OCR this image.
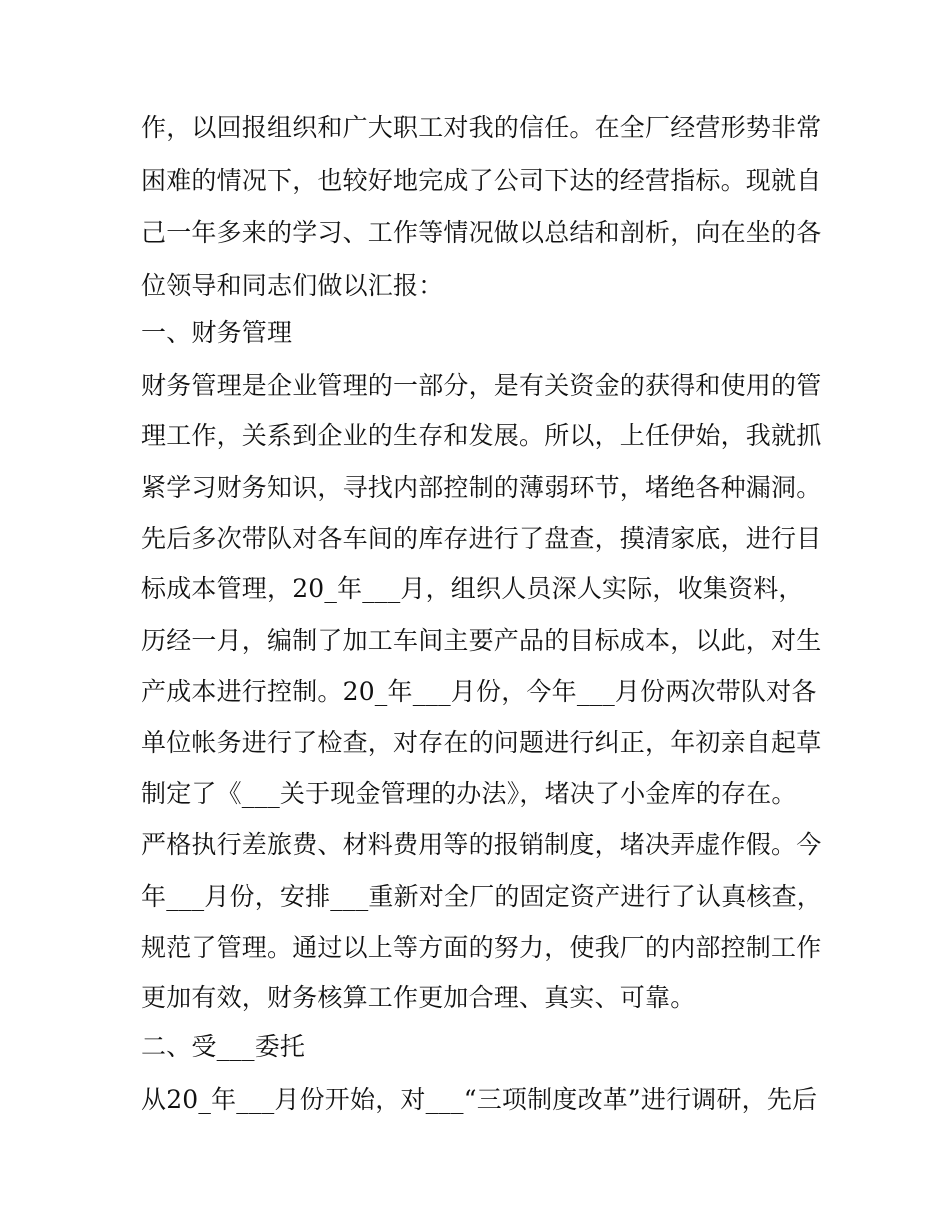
作，以回报组织和广大职工对我的信任。在全厂经营形势非常
困难的情况下，也较好地完成了公司下达的经营指标。现就自
己一年多来的学习、工作等情况做以总结和剖析，向在坐的各
位领导和同志们做以汇报：
一、财务管理
财务管理是企业管理的一部分，是有关资金的获得和使用的管
理工作，关系到企业的生存和发展。所以，上任伊始，我就抓
紧学习财务知识，寻找内部控制的薄弱环节，堵绝各种漏洞。
先后多次带队对各车间的库存进行了盘查，摸清家底，进行目
标成本管理，20_年___月，组织人员深人实际，收集资料，
历经一月，编制了加工车间主要产品的目标成本，以此，对生
产成本进行控制。20_年___月份，今年___月份两次带队对各
单位帐务进行了检查，对存在的问题进行纠正，年初亲自起草
制定了《___关于现金管理的办法》，堵决了小金库的存在。
严格执行差旅费、材料费用等的报销制度，堵决弄虚作假。今
年___月份，安排___重新对全厂的固定资产进行了认真核查，
规范了管理。通过以上等方面的努力，使我厂的内部控制工作
更加有效，财务核算工作更加合理、真实、可靠。
二、受___委托
从20_年___月份开始，对___“三项制度改革”进行调研，先后
